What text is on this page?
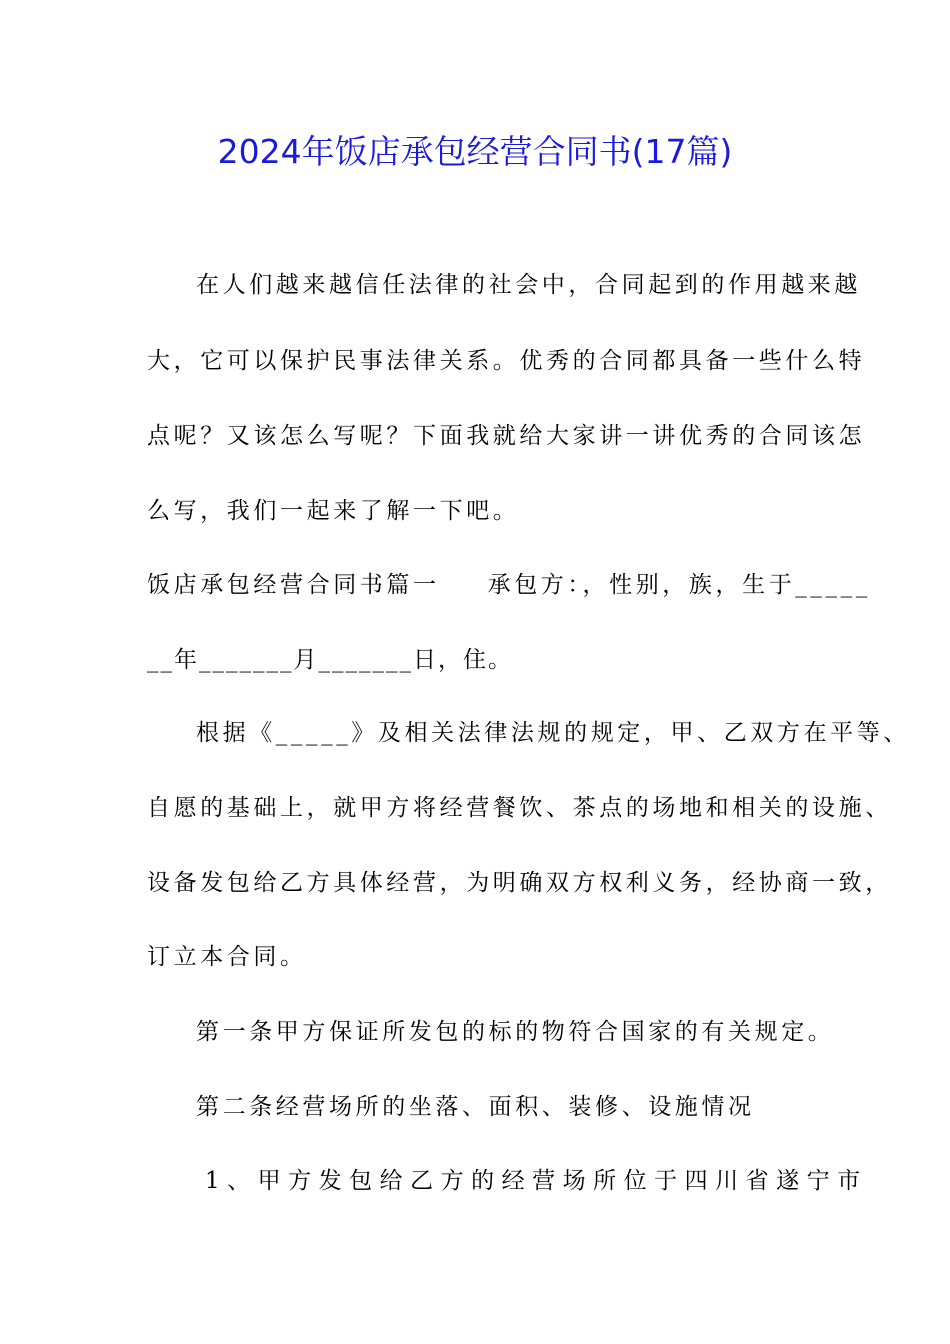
2024年饭店承包经营合同书(17篇)
在人们越来越信任法律的社会中，合同起到的作用越来越
大，它可以保护民事法律关系。优秀的合同都具备一些什么特
点呢？又该怎么写呢？下面我就给大家讲一讲优秀的合同该怎
么写，我们一起来了解一下吧。
饭店承包经营合同书篇一 承包方：，性别，族，生于_____
__年_______月_______日，住。
根据《_____》及相关法律法规的规定，甲、乙双方在平等、
自愿的基础上，就甲方将经营餐饮、茶点的场地和相关的设施、
设备发包给乙方具体经营，为明确双方权利义务，经协商一致，
订立本合同。
第一条甲方保证所发包的标的物符合国家的有关规定。
第二条经营场所的坐落、面积、装修、设施情况
1、甲方发包给乙方的经营场所位于四川省遂宁市
